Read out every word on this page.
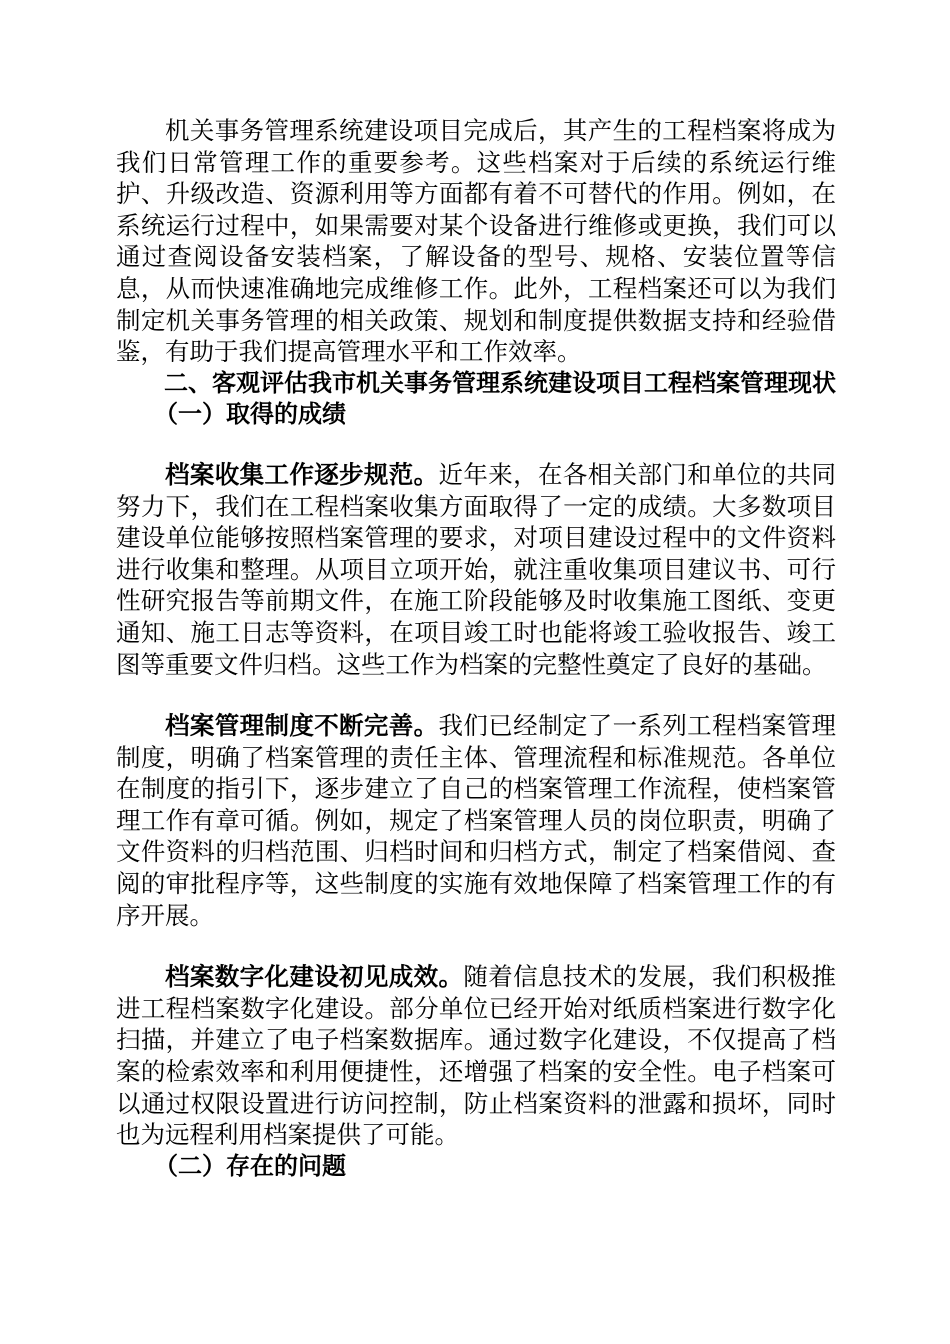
机关事务管理系统建设项目完成后，其产生的工程档案将成为我们日常管理工作的重要参考。这些档案对于后续的系统运行维护、升级改造、资源利用等方面都有着不可替代的作用。例如，在系统运行过程中，如果需要对某个设备进行维修或更换，我们可以通过查阅设备安装档案，了解设备的型号、规格、安装位置等信息，从而快速准确地完成维修工作。此外，工程档案还可以为我们制定机关事务管理的相关政策、规划和制度提供数据支持和经验借鉴，有助于我们提高管理水平和工作效率。

二、客观评估我市机关事务管理系统建设项目工程档案管理现状

（一）取得的成绩

档案收集工作逐步规范。近年来，在各相关部门和单位的共同努力下，我们在工程档案收集方面取得了一定的成绩。大多数项目建设单位能够按照档案管理的要求，对项目建设过程中的文件资料进行收集和整理。从项目立项开始，就注重收集项目建议书、可行性研究报告等前期文件，在施工阶段能够及时收集施工图纸、变更通知、施工日志等资料，在项目竣工时也能将竣工验收报告、竣工图等重要文件归档。这些工作为档案的完整性奠定了良好的基础。

档案管理制度不断完善。我们已经制定了一系列工程档案管理制度，明确了档案管理的责任主体、管理流程和标准规范。各单位在制度的指引下，逐步建立了自己的档案管理工作流程，使档案管理工作有章可循。例如，规定了档案管理人员的岗位职责，明确了文件资料的归档范围、归档时间和归档方式，制定了档案借阅、查阅的审批程序等，这些制度的实施有效地保障了档案管理工作的有序开展。

档案数字化建设初见成效。随着信息技术的发展，我们积极推进工程档案数字化建设。部分单位已经开始对纸质档案进行数字化扫描，并建立了电子档案数据库。通过数字化建设，不仅提高了档案的检索效率和利用便捷性，还增强了档案的安全性。电子档案可以通过权限设置进行访问控制，防止档案资料的泄露和损坏，同时也为远程利用档案提供了可能。

（二）存在的问题
